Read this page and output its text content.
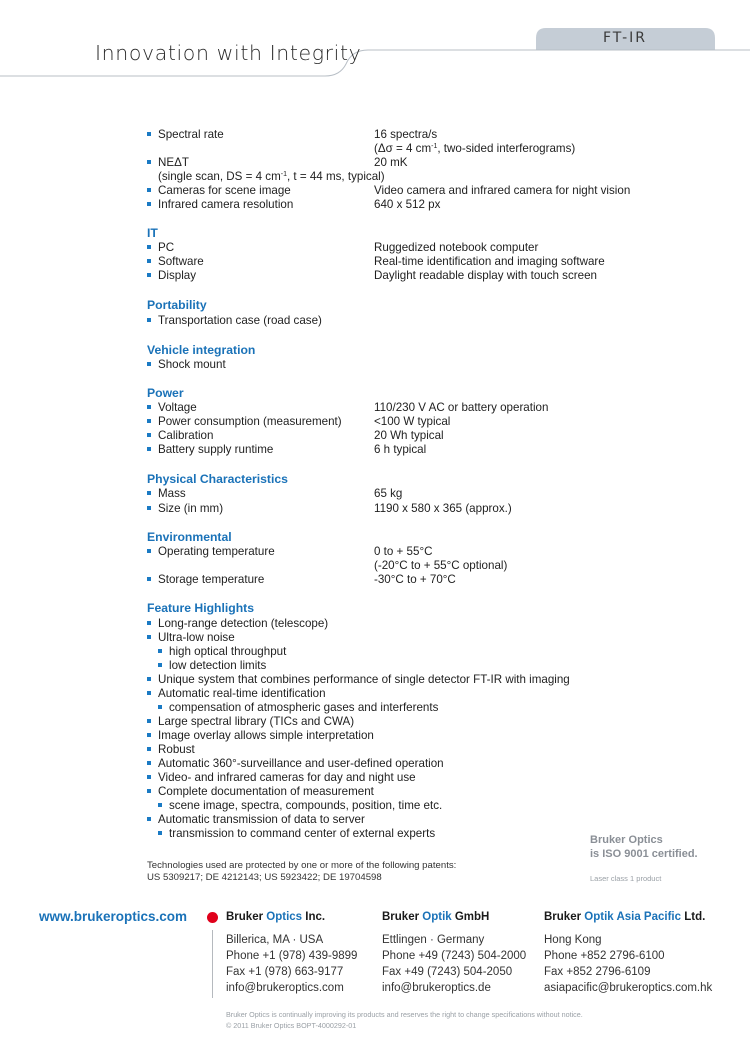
Innovation with Integrity
FT-IR
Spectral rate	16 spectra/s
(Δσ = 4 $cm^{-1}$, two-sided interferograms)
NEΔT	20 mK
(single scan, DS = 4 $cm^{-1}$, t = 44 ms, typical)
Cameras for scene image	Video camera and infrared camera for night vision
Infrared camera resolution	640 x 512 px
IT
PC	Ruggedized notebook computer
Software	Real-time identification and imaging software
Display	Daylight readable display with touch screen
Portability
Transportation case (road case)
Vehicle integration
Shock mount
Power
Voltage	110/230 V AC or battery operation
Power consumption (measurement)	<100 W typical
Calibration	20 Wh typical
Battery supply runtime	6 h typical
Physical Characteristics
Mass	65 kg
Size (in mm)	1190 x 580 x 365 (approx.)
Environmental
Operating temperature	0 to + 55°C
(-20°C to + 55°C optional)
Storage temperature	-30°C to + 70°C
Feature Highlights
Long-range detection (telescope)
Ultra-low noise
high optical throughput
low detection limits
Unique system that combines performance of single detector FT-IR with imaging
Automatic real-time identification
compensation of atmospheric gases and interferents
Large spectral library (TICs and CWA)
Image overlay allows simple interpretation
Robust
Automatic 360°-surveillance and user-defined operation
Video- and infrared cameras for day and night use
Complete documentation of measurement
scene image, spectra, compounds, position, time etc.
Automatic transmission of data to server
transmission to command center of external experts	Bruker Optics
is ISO 9001 certified.
Laser class 1 product
Technologies used are protected by one or more of the following patents:
US 5309217; DE 4212143; US 5923422; DE 19704598
www.brukeroptics.com	Bruker Optics Inc.
Billerica, MA · USA
Phone +1 (978) 439-9899
Fax +1 (978) 663-9177
info@brukeroptics.com
Bruker Optik GmbH
Ettlingen · Germany
Phone +49 (7243) 504-2000
Fax +49 (7243) 504-2050
info@brukeroptics.de
Bruker Optik Asia Pacific Ltd.
Hong Kong
Phone +852 2796-6100
Fax +852 2796-6109
asiapacific@brukeroptics.com.hk
Bruker Optics is continually improving its products and reserves the right to change specifications without notice.
© 2011 Bruker Optics BOPT-4000292-01
